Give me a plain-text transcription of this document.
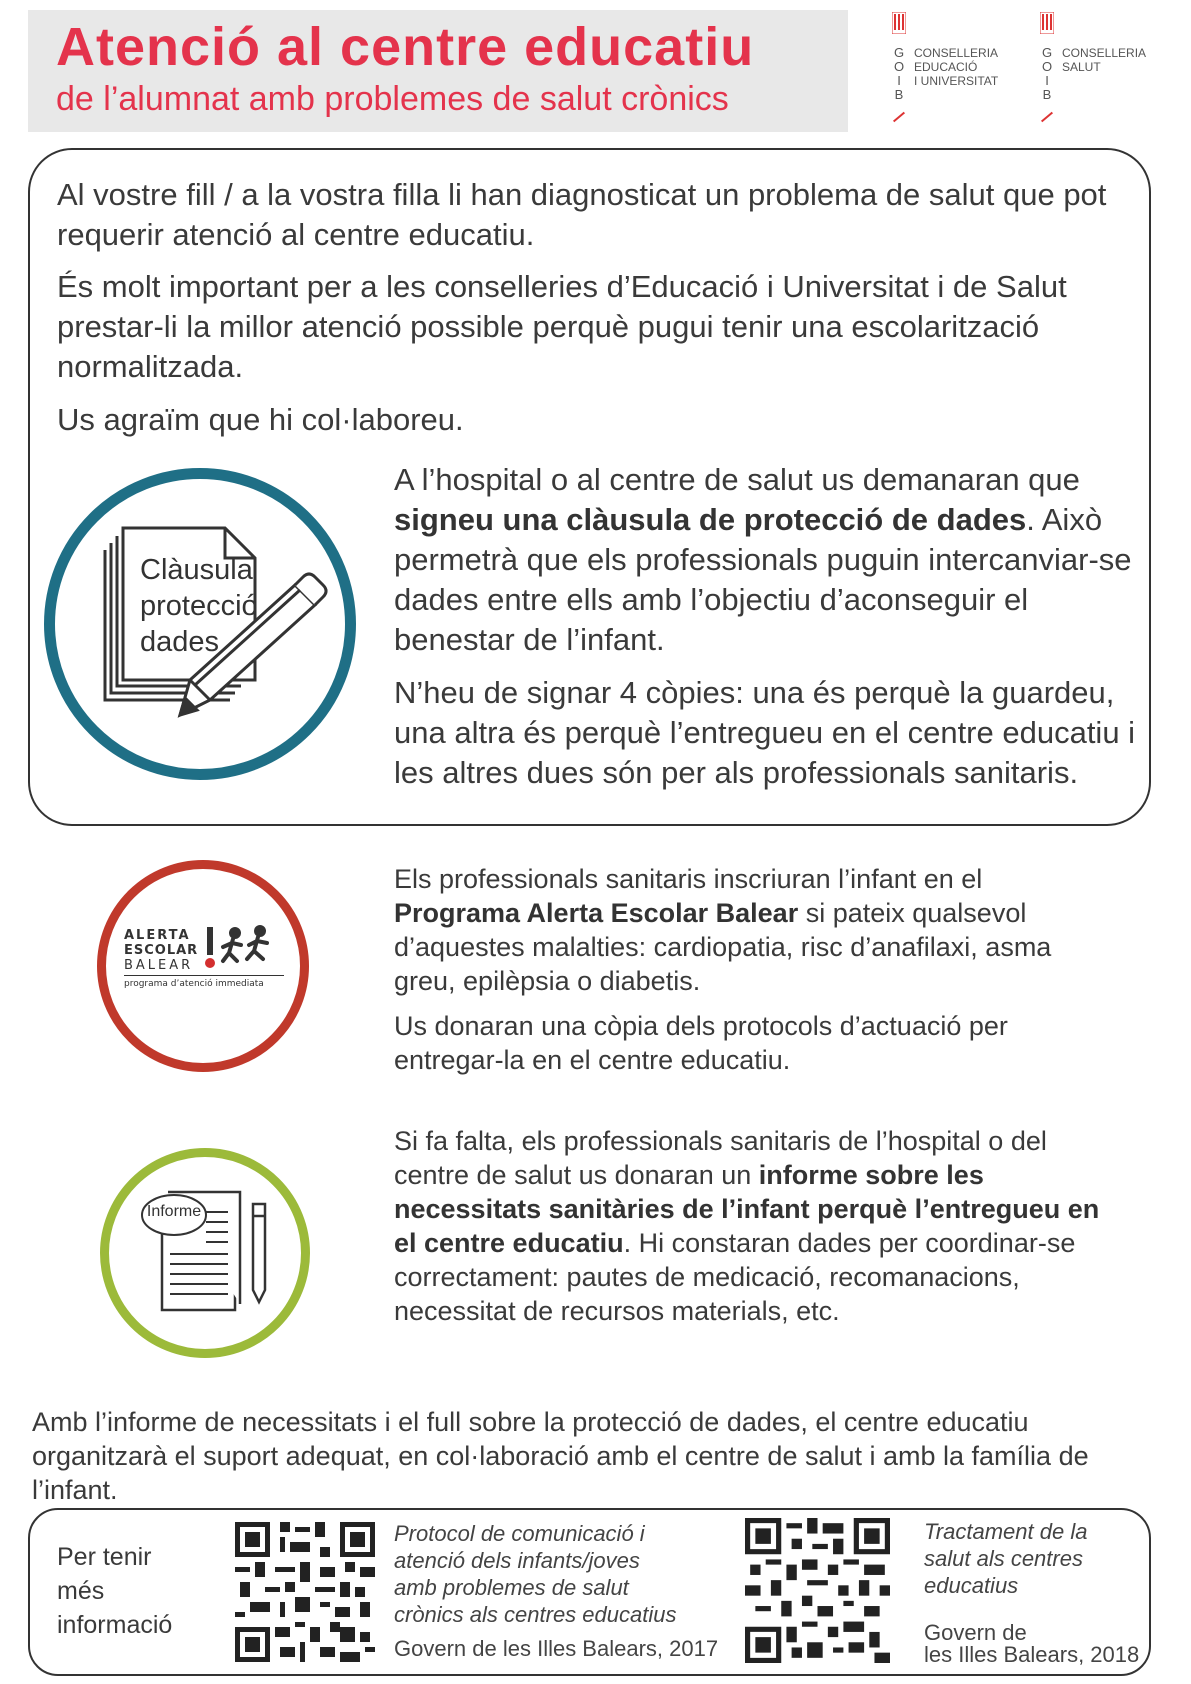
Atenció al centre educatiu
de l’alumnat amb problemes de salut crònics
G
O
I
B
CONSELLERIA
EDUCACIÓ
I UNIVERSITAT
G
O
I
B
CONSELLERIA
SALUT
Al vostre fill / a la vostra filla li han diagnosticat un problema de salut que pot requerir atenció al centre educatiu.
És molt important per a les conselleries d’Educació i Universitat i de Salut prestar-li la millor atenció possible perquè pugui tenir una escolarització normalitzada.
Us agraïm que hi col·laboreu.
Clàusula
protecció
dades
A l’hospital o al centre de salut us demanaran que signeu una clàusula de protecció de dades. Això permetrà que els professionals puguin intercanviar-se dades entre ells amb l’objectiu d’aconseguir el benestar de l’infant.
N’heu de signar 4 còpies: una és perquè la guardeu, una altra és perquè l’entregueu en el centre educatiu i les altres dues són per als professionals sanitaris.
ALERTA
ESCOLAR
BALEAR
programa d’atenció immediata
Els professionals sanitaris inscriuran l’infant en el Programa Alerta Escolar Balear si pateix qualsevol d’aquestes malalties: cardiopatia, risc d’anafilaxi, asma greu, epilèpsia o diabetis.
Us donaran una còpia dels protocols d’actuació per entregar-la en el centre educatiu.
Informe
Si fa falta, els professionals sanitaris de l’hospital o del centre de salut us donaran un informe sobre les necessitats sanitàries de l’infant perquè l’entregueu en el centre educatiu. Hi constaran dades per coordinar-se correctament: pautes de medicació, recomanacions, necessitat de recursos materials, etc.
Amb l’informe de necessitats i el full sobre la protecció de dades, el centre educatiu organitzarà el suport adequat, en col·laboració amb el centre de salut i amb la família de l’infant.
Per tenir
més
informació
Protocol de comunicació i
atenció dels infants/joves
amb problemes de salut
crònics als centres educatius
Govern de les Illes Balears, 2017
Tractament de la
salut als centres
educatius
Govern de
les Illes Balears, 2018
